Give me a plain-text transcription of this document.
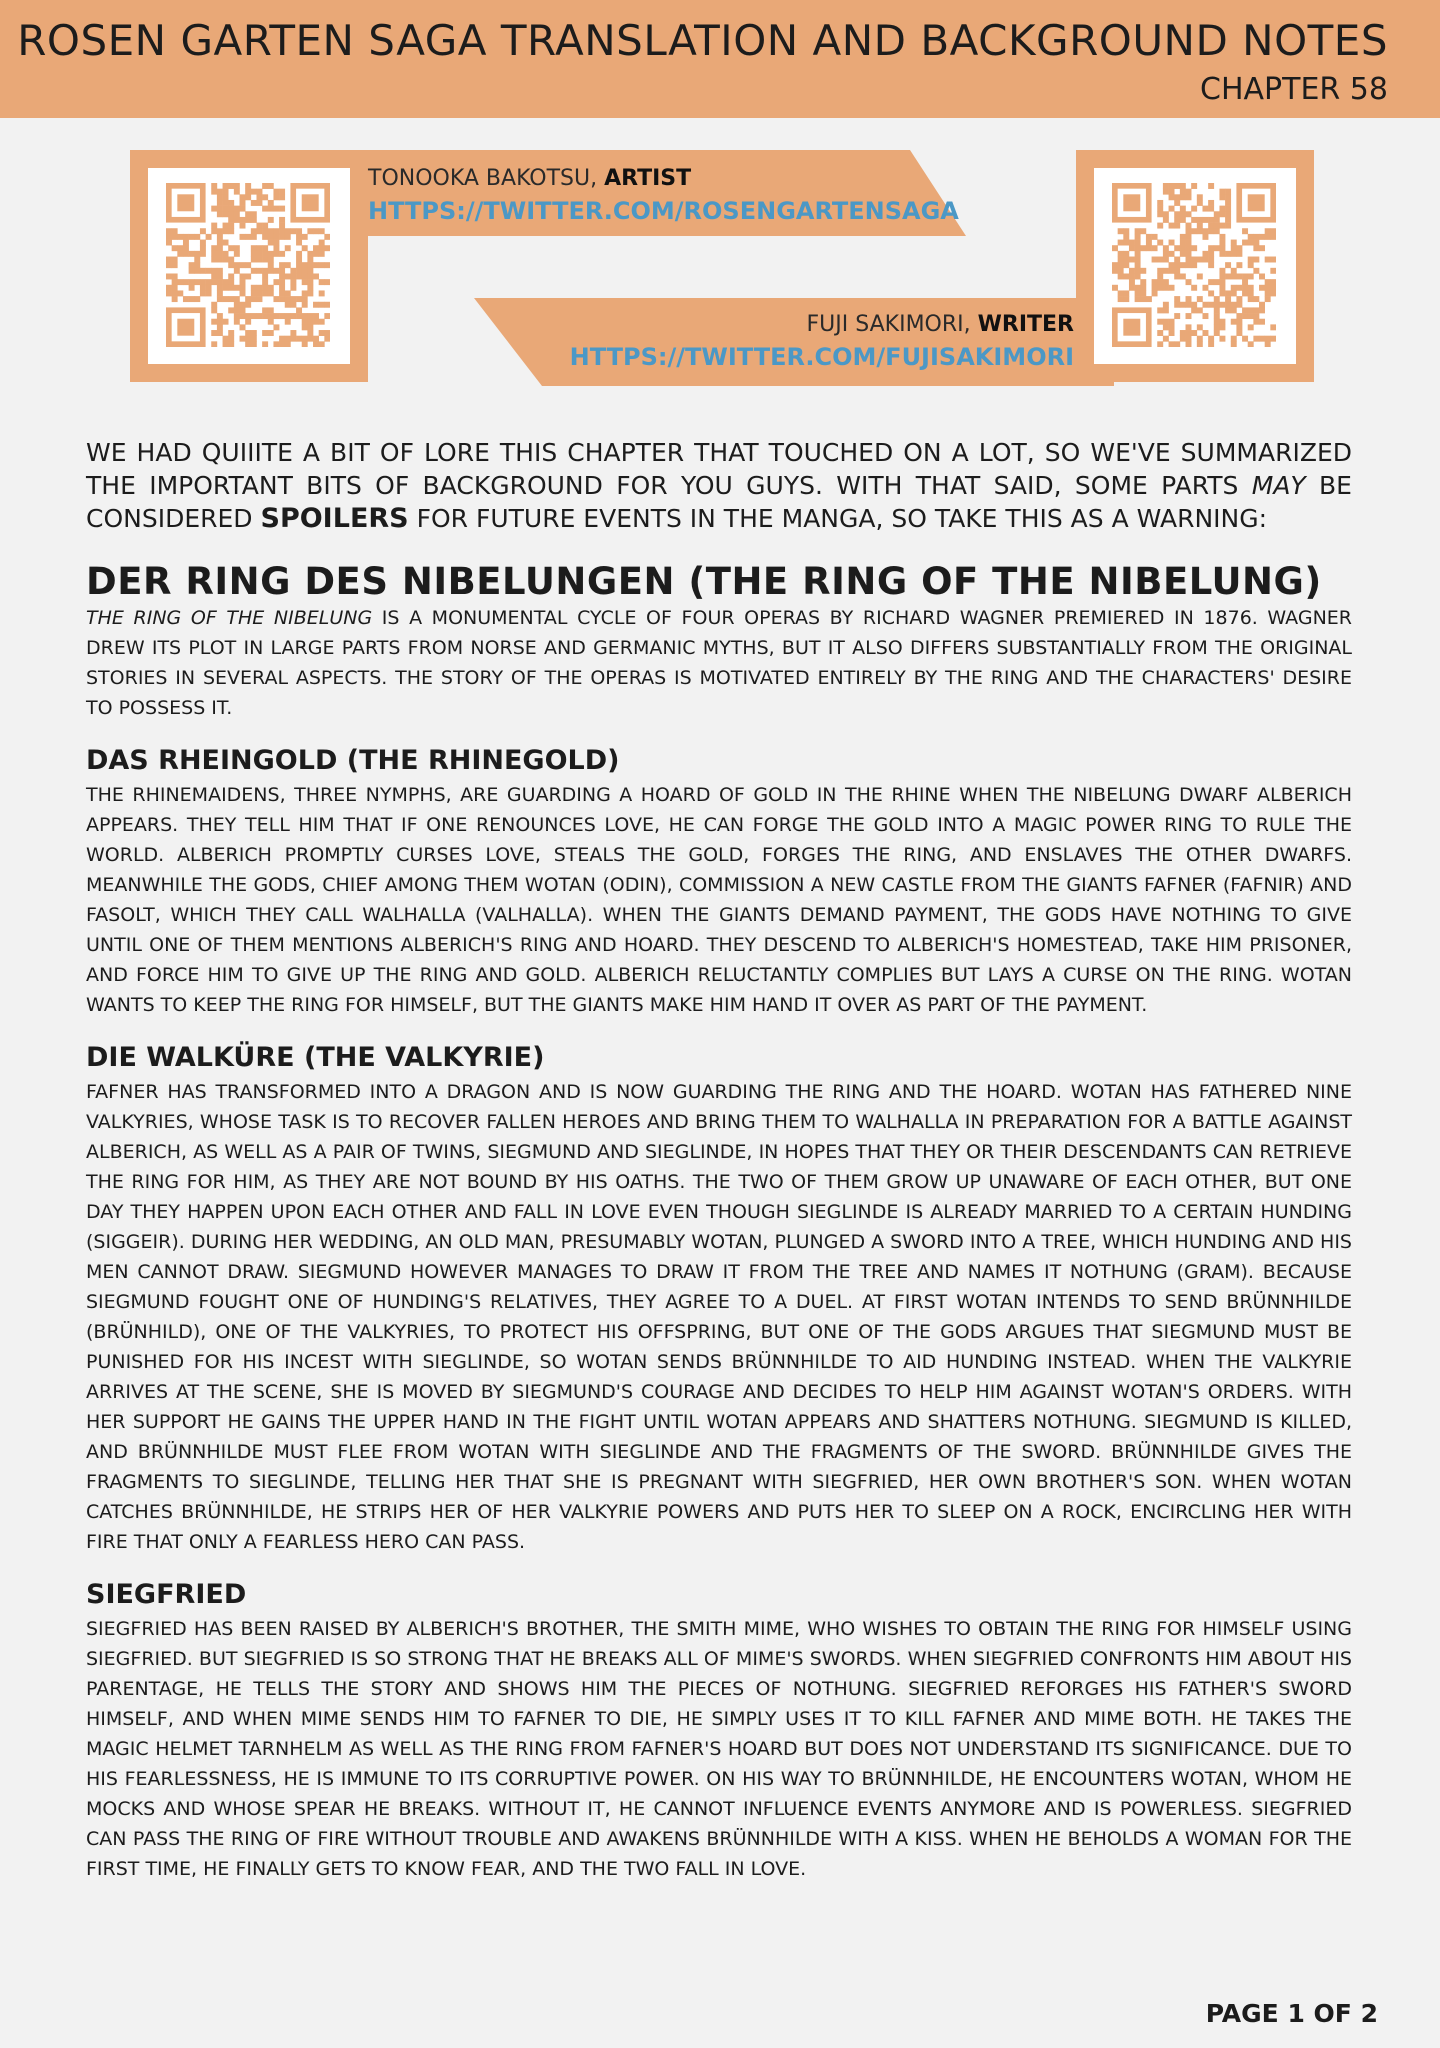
ROSEN GARTEN SAGA TRANSLATION AND BACKGROUND NOTES
CHAPTER 58
TONOOKA BAKOTSU, ARTIST
HTTPS://TWITTER.COM/ROSENGARTENSAGA
FUJI SAKIMORI, WRITER
HTTPS://TWITTER.COM/FUJISAKIMORI

WE HAD QUIIITE A BIT OF LORE THIS CHAPTER THAT TOUCHED ON A LOT, SO WE'VE SUMMARIZED THE IMPORTANT BITS OF BACKGROUND FOR YOU GUYS. WITH THAT SAID, SOME PARTS MAY BE CONSIDERED SPOILERS FOR FUTURE EVENTS IN THE MANGA, SO TAKE THIS AS A WARNING:

DER RING DES NIBELUNGEN (THE RING OF THE NIBELUNG)

THE RING OF THE NIBELUNG IS A MONUMENTAL CYCLE OF FOUR OPERAS BY RICHARD WAGNER PREMIERED IN 1876. WAGNER DREW ITS PLOT IN LARGE PARTS FROM NORSE AND GERMANIC MYTHS, BUT IT ALSO DIFFERS SUBSTANTIALLY FROM THE ORIGINAL STORIES IN SEVERAL ASPECTS. THE STORY OF THE OPERAS IS MOTIVATED ENTIRELY BY THE RING AND THE CHARACTERS' DESIRE TO POSSESS IT.

DAS RHEINGOLD (THE RHINEGOLD)

THE RHINEMAIDENS, THREE NYMPHS, ARE GUARDING A HOARD OF GOLD IN THE RHINE WHEN THE NIBELUNG DWARF ALBERICH APPEARS. THEY TELL HIM THAT IF ONE RENOUNCES LOVE, HE CAN FORGE THE GOLD INTO A MAGIC POWER RING TO RULE THE WORLD. ALBERICH PROMPTLY CURSES LOVE, STEALS THE GOLD, FORGES THE RING, AND ENSLAVES THE OTHER DWARFS. MEANWHILE THE GODS, CHIEF AMONG THEM WOTAN (ODIN), COMMISSION A NEW CASTLE FROM THE GIANTS FAFNER (FAFNIR) AND FASOLT, WHICH THEY CALL WALHALLA (VALHALLA). WHEN THE GIANTS DEMAND PAYMENT, THE GODS HAVE NOTHING TO GIVE UNTIL ONE OF THEM MENTIONS ALBERICH'S RING AND HOARD. THEY DESCEND TO ALBERICH'S HOMESTEAD, TAKE HIM PRISONER, AND FORCE HIM TO GIVE UP THE RING AND GOLD. ALBERICH RELUCTANTLY COMPLIES BUT LAYS A CURSE ON THE RING. WOTAN WANTS TO KEEP THE RING FOR HIMSELF, BUT THE GIANTS MAKE HIM HAND IT OVER AS PART OF THE PAYMENT.

DIE WALKÜRE (THE VALKYRIE)

FAFNER HAS TRANSFORMED INTO A DRAGON AND IS NOW GUARDING THE RING AND THE HOARD. WOTAN HAS FATHERED NINE VALKYRIES, WHOSE TASK IS TO RECOVER FALLEN HEROES AND BRING THEM TO WALHALLA IN PREPARATION FOR A BATTLE AGAINST ALBERICH, AS WELL AS A PAIR OF TWINS, SIEGMUND AND SIEGLINDE, IN HOPES THAT THEY OR THEIR DESCENDANTS CAN RETRIEVE THE RING FOR HIM, AS THEY ARE NOT BOUND BY HIS OATHS. THE TWO OF THEM GROW UP UNAWARE OF EACH OTHER, BUT ONE DAY THEY HAPPEN UPON EACH OTHER AND FALL IN LOVE EVEN THOUGH SIEGLINDE IS ALREADY MARRIED TO A CERTAIN HUNDING (SIGGEIR). DURING HER WEDDING, AN OLD MAN, PRESUMABLY WOTAN, PLUNGED A SWORD INTO A TREE, WHICH HUNDING AND HIS MEN CANNOT DRAW. SIEGMUND HOWEVER MANAGES TO DRAW IT FROM THE TREE AND NAMES IT NOTHUNG (GRAM). BECAUSE SIEGMUND FOUGHT ONE OF HUNDING'S RELATIVES, THEY AGREE TO A DUEL. AT FIRST WOTAN INTENDS TO SEND BRÜNNHILDE (BRÜNHILD), ONE OF THE VALKYRIES, TO PROTECT HIS OFFSPRING, BUT ONE OF THE GODS ARGUES THAT SIEGMUND MUST BE PUNISHED FOR HIS INCEST WITH SIEGLINDE, SO WOTAN SENDS BRÜNNHILDE TO AID HUNDING INSTEAD. WHEN THE VALKYRIE ARRIVES AT THE SCENE, SHE IS MOVED BY SIEGMUND'S COURAGE AND DECIDES TO HELP HIM AGAINST WOTAN'S ORDERS. WITH HER SUPPORT HE GAINS THE UPPER HAND IN THE FIGHT UNTIL WOTAN APPEARS AND SHATTERS NOTHUNG. SIEGMUND IS KILLED, AND BRÜNNHILDE MUST FLEE FROM WOTAN WITH SIEGLINDE AND THE FRAGMENTS OF THE SWORD. BRÜNNHILDE GIVES THE FRAGMENTS TO SIEGLINDE, TELLING HER THAT SHE IS PREGNANT WITH SIEGFRIED, HER OWN BROTHER'S SON. WHEN WOTAN CATCHES BRÜNNHILDE, HE STRIPS HER OF HER VALKYRIE POWERS AND PUTS HER TO SLEEP ON A ROCK, ENCIRCLING HER WITH FIRE THAT ONLY A FEARLESS HERO CAN PASS.

SIEGFRIED

SIEGFRIED HAS BEEN RAISED BY ALBERICH'S BROTHER, THE SMITH MIME, WHO WISHES TO OBTAIN THE RING FOR HIMSELF USING SIEGFRIED. BUT SIEGFRIED IS SO STRONG THAT HE BREAKS ALL OF MIME'S SWORDS. WHEN SIEGFRIED CONFRONTS HIM ABOUT HIS PARENTAGE, HE TELLS THE STORY AND SHOWS HIM THE PIECES OF NOTHUNG. SIEGFRIED REFORGES HIS FATHER'S SWORD HIMSELF, AND WHEN MIME SENDS HIM TO FAFNER TO DIE, HE SIMPLY USES IT TO KILL FAFNER AND MIME BOTH. HE TAKES THE MAGIC HELMET TARNHELM AS WELL AS THE RING FROM FAFNER'S HOARD BUT DOES NOT UNDERSTAND ITS SIGNIFICANCE. DUE TO HIS FEARLESSNESS, HE IS IMMUNE TO ITS CORRUPTIVE POWER. ON HIS WAY TO BRÜNNHILDE, HE ENCOUNTERS WOTAN, WHOM HE MOCKS AND WHOSE SPEAR HE BREAKS. WITHOUT IT, HE CANNOT INFLUENCE EVENTS ANYMORE AND IS POWERLESS. SIEGFRIED CAN PASS THE RING OF FIRE WITHOUT TROUBLE AND AWAKENS BRÜNNHILDE WITH A KISS. WHEN HE BEHOLDS A WOMAN FOR THE FIRST TIME, HE FINALLY GETS TO KNOW FEAR, AND THE TWO FALL IN LOVE.

PAGE 1 OF 2
